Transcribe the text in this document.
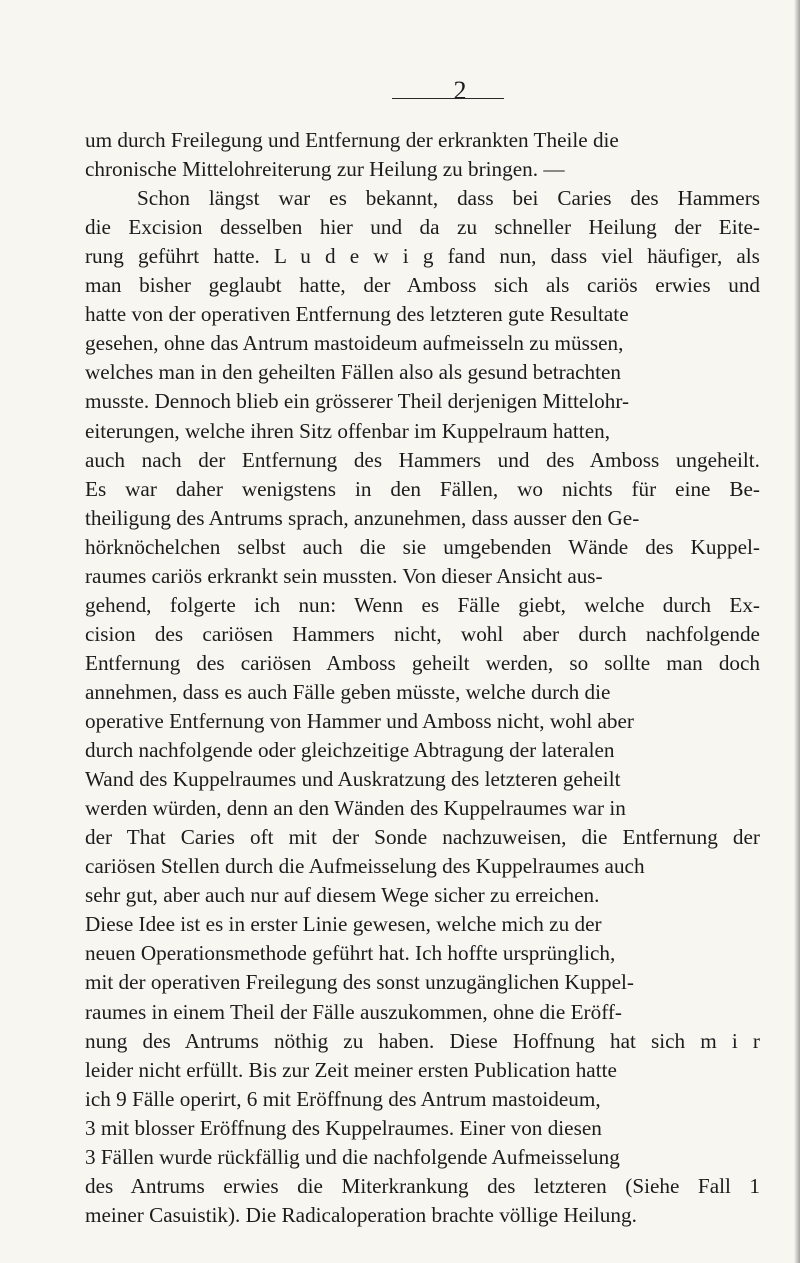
2

um durch Freilegung und Entfernung der erkrankten Theile die

chronische Mittelohreiterung zur Heilung zu bringen. —

Schon längst war es bekannt, dass bei Caries des Hammers

die Excision desselben hier und da zu schneller Heilung der Eite-

rung geführt hatte. L u d e w i g fand nun, dass viel häufiger, als

man bisher geglaubt hatte, der Amboss sich als cariös erwies und

hatte von der operativen Entfernung des letzteren gute Resultate

gesehen, ohne das Antrum mastoideum aufmeisseln zu müssen,

welches man in den geheilten Fällen also als gesund betrachten

musste. Dennoch blieb ein grösserer Theil derjenigen Mittelohr-

eiterungen, welche ihren Sitz offenbar im Kuppelraum hatten,

auch nach der Entfernung des Hammers und des Amboss ungeheilt.

Es war daher wenigstens in den Fällen, wo nichts für eine Be-

theiligung des Antrums sprach, anzunehmen, dass ausser den Ge-

hörknöchelchen selbst auch die sie umgebenden Wände des Kuppel-

raumes cariös erkrankt sein mussten. Von dieser Ansicht aus-

gehend, folgerte ich nun: Wenn es Fälle giebt, welche durch Ex-

cision des cariösen Hammers nicht, wohl aber durch nachfolgende

Entfernung des cariösen Amboss geheilt werden, so sollte man doch

annehmen, dass es auch Fälle geben müsste, welche durch die

operative Entfernung von Hammer und Amboss nicht, wohl aber

durch nachfolgende oder gleichzeitige Abtragung der lateralen

Wand des Kuppelraumes und Auskratzung des letzteren geheilt

werden würden, denn an den Wänden des Kuppelraumes war in

der That Caries oft mit der Sonde nachzuweisen, die Entfernung der

cariösen Stellen durch die Aufmeisselung des Kuppelraumes auch

sehr gut, aber auch nur auf diesem Wege sicher zu erreichen.

Diese Idee ist es in erster Linie gewesen, welche mich zu der

neuen Operationsmethode geführt hat. Ich hoffte ursprünglich,

mit der operativen Freilegung des sonst unzugänglichen Kuppel-

raumes in einem Theil der Fälle auszukommen, ohne die Eröff-

nung des Antrums nöthig zu haben. Diese Hoffnung hat sich m i r

leider nicht erfüllt. Bis zur Zeit meiner ersten Publication hatte

ich 9 Fälle operirt, 6 mit Eröffnung des Antrum mastoideum,

3 mit blosser Eröffnung des Kuppelraumes. Einer von diesen

3 Fällen wurde rückfällig und die nachfolgende Aufmeisselung

des Antrums erwies die Miterkrankung des letzteren (Siehe Fall 1

meiner Casuistik). Die Radicaloperation brachte völlige Heilung.
